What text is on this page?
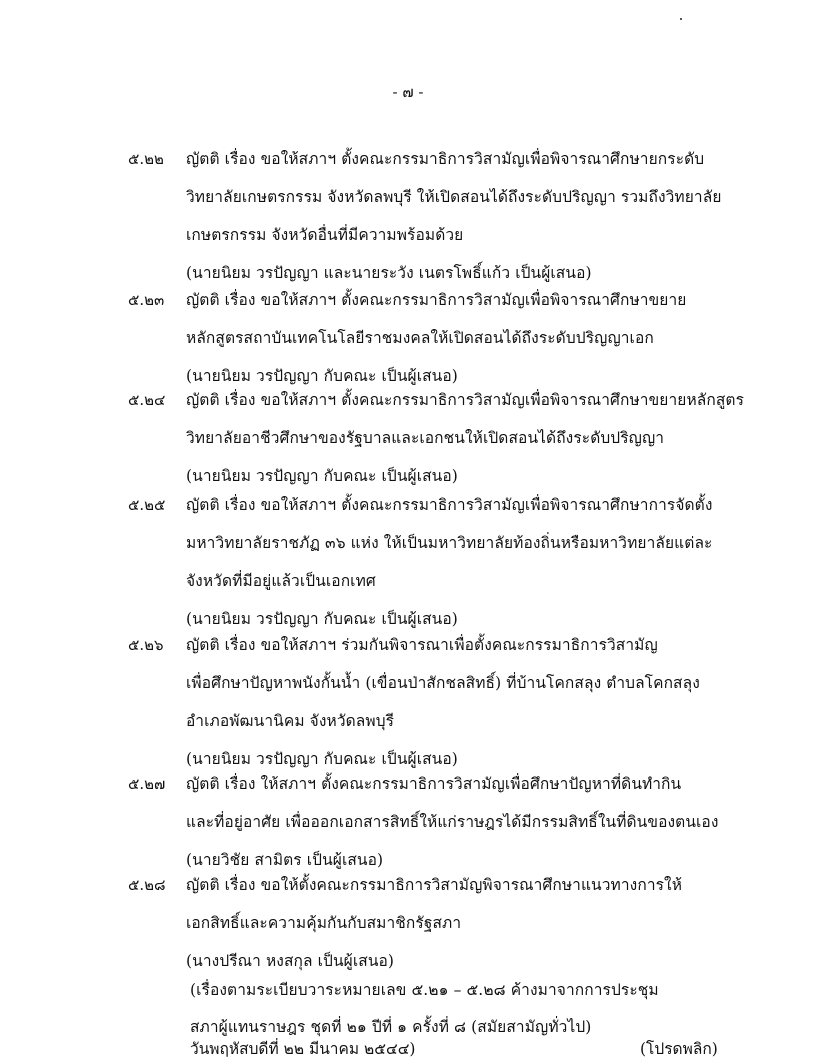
- ๗ -
๕.๒๒	ญัตติ เรื่อง ขอให้สภาฯ ตั้งคณะกรรมาธิการวิสามัญเพื่อพิจารณาศึกษายกระดับ
วิทยาลัยเกษตรกรรม จังหวัดลพบุรี ให้เปิดสอนได้ถึงระดับปริญญา รวมถึงวิทยาลัย
เกษตรกรรม จังหวัดอื่นที่มีความพร้อมด้วย
(นายนิยม วรปัญญา และนายระวัง เนตรโพธิ์แก้ว เป็นผู้เสนอ)
๕.๒๓	ญัตติ เรื่อง ขอให้สภาฯ ตั้งคณะกรรมาธิการวิสามัญเพื่อพิจารณาศึกษาขยาย
หลักสูตรสถาบันเทคโนโลยีราชมงคลให้เปิดสอนได้ถึงระดับปริญญาเอก
(นายนิยม วรปัญญา กับคณะ เป็นผู้เสนอ)
๕.๒๔	ญัตติ เรื่อง ขอให้สภาฯ ตั้งคณะกรรมาธิการวิสามัญเพื่อพิจารณาศึกษาขยายหลักสูตร
วิทยาลัยอาชีวศึกษาของรัฐบาลและเอกชนให้เปิดสอนได้ถึงระดับปริญญา
(นายนิยม วรปัญญา กับคณะ เป็นผู้เสนอ)
๕.๒๕	ญัตติ เรื่อง ขอให้สภาฯ ตั้งคณะกรรมาธิการวิสามัญเพื่อพิจารณาศึกษาการจัดตั้ง
มหาวิทยาลัยราชภัฏ ๓๖ แห่ง ให้เป็นมหาวิทยาลัยท้องถิ่นหรือมหาวิทยาลัยแต่ละ
จังหวัดที่มีอยู่แล้วเป็นเอกเทศ
(นายนิยม วรปัญญา กับคณะ เป็นผู้เสนอ)
๕.๒๖	ญัตติ เรื่อง ขอให้สภาฯ ร่วมกันพิจารณาเพื่อตั้งคณะกรรมาธิการวิสามัญ
เพื่อศึกษาปัญหาพนังกั้นน้ำ (เขื่อนป่าสักชลสิทธิ์) ที่บ้านโคกสลุง ตำบลโคกสลุง
อำเภอพัฒนานิคม จังหวัดลพบุรี
(นายนิยม วรปัญญา กับคณะ เป็นผู้เสนอ)
๕.๒๗	ญัตติ เรื่อง ให้สภาฯ ตั้งคณะกรรมาธิการวิสามัญเพื่อศึกษาปัญหาที่ดินทำกิน
และที่อยู่อาศัย เพื่อออกเอกสารสิทธิ์ให้แก่ราษฎรได้มีกรรมสิทธิ์ในที่ดินของตนเอง
(นายวิชัย สามิตร เป็นผู้เสนอ)
๕.๒๘	ญัตติ เรื่อง ขอให้ตั้งคณะกรรมาธิการวิสามัญพิจารณาศึกษาแนวทางการให้
เอกสิทธิ์และความคุ้มกันกับสมาชิกรัฐสภา
(นางปรีณา หงสกุล เป็นผู้เสนอ)
(เรื่องตามระเบียบวาระหมายเลข ๕.๒๑ – ๕.๒๘ ค้างมาจากการประชุม
สภาผู้แทนราษฎร ชุดที่ ๒๑ ปีที่ ๑ ครั้งที่ ๘ (สมัยสามัญทั่วไป)
วันพฤหัสบดีที่ ๒๒ มีนาคม ๒๕๔๔)	(โปรดพลิก)
